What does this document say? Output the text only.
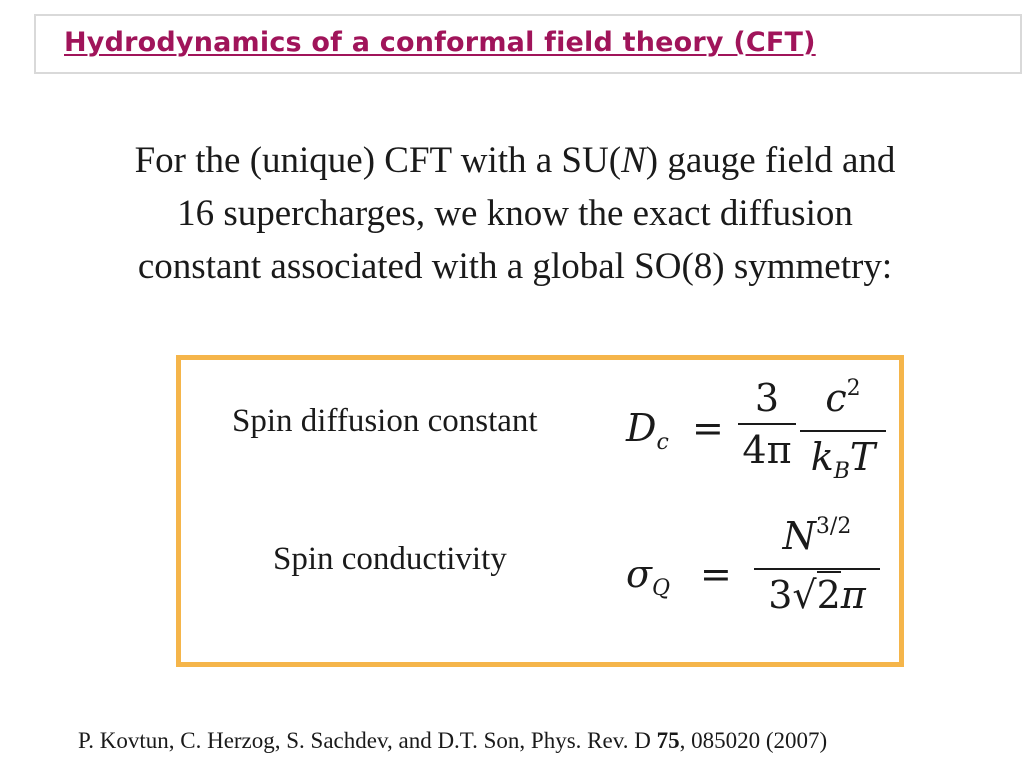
Hydrodynamics of a conformal field theory (CFT)
For the (unique) CFT with a SU(N) gauge field and
16 supercharges, we know the exact diffusion
constant associated with a global SO(8) symmetry:
Spin diffusion constant
Spin conductivity
$D_c$ =
3
4π
$c^2$
$k_BT$
$\sigma_Q$ =
$N^{3/2}$
3√2π
P. Kovtun, C. Herzog, S. Sachdev, and D.T. Son, Phys. Rev. D 75, 085020 (2007)
